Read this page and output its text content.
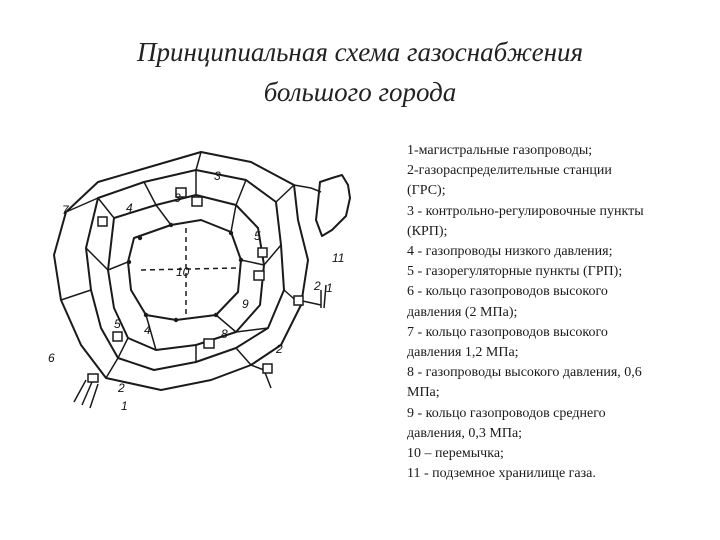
Принципиальная схема газоснабжения
большого города
1
1
2
2
2
3
3
4
4
5
5
6
7
8
9
10
11
1-магистральные газопроводы;
2-газораспределительные станции
(ГРС);
3 - контрольно-регулировочные пункты
(КРП);
4 - газопроводы низкого давления;
5 - газорегуляторные пункты (ГРП);
6 - кольцо газопроводов высокого
давления (2 МПа);
7 - кольцо газопроводов высокого
давления 1,2 МПа;
8 - газопроводы высокого давления, 0,6
МПа;
9 - кольцо газопроводов среднего
давления, 0,3 МПа;
10 – перемычка;
11 - подземное хранилище газа.
